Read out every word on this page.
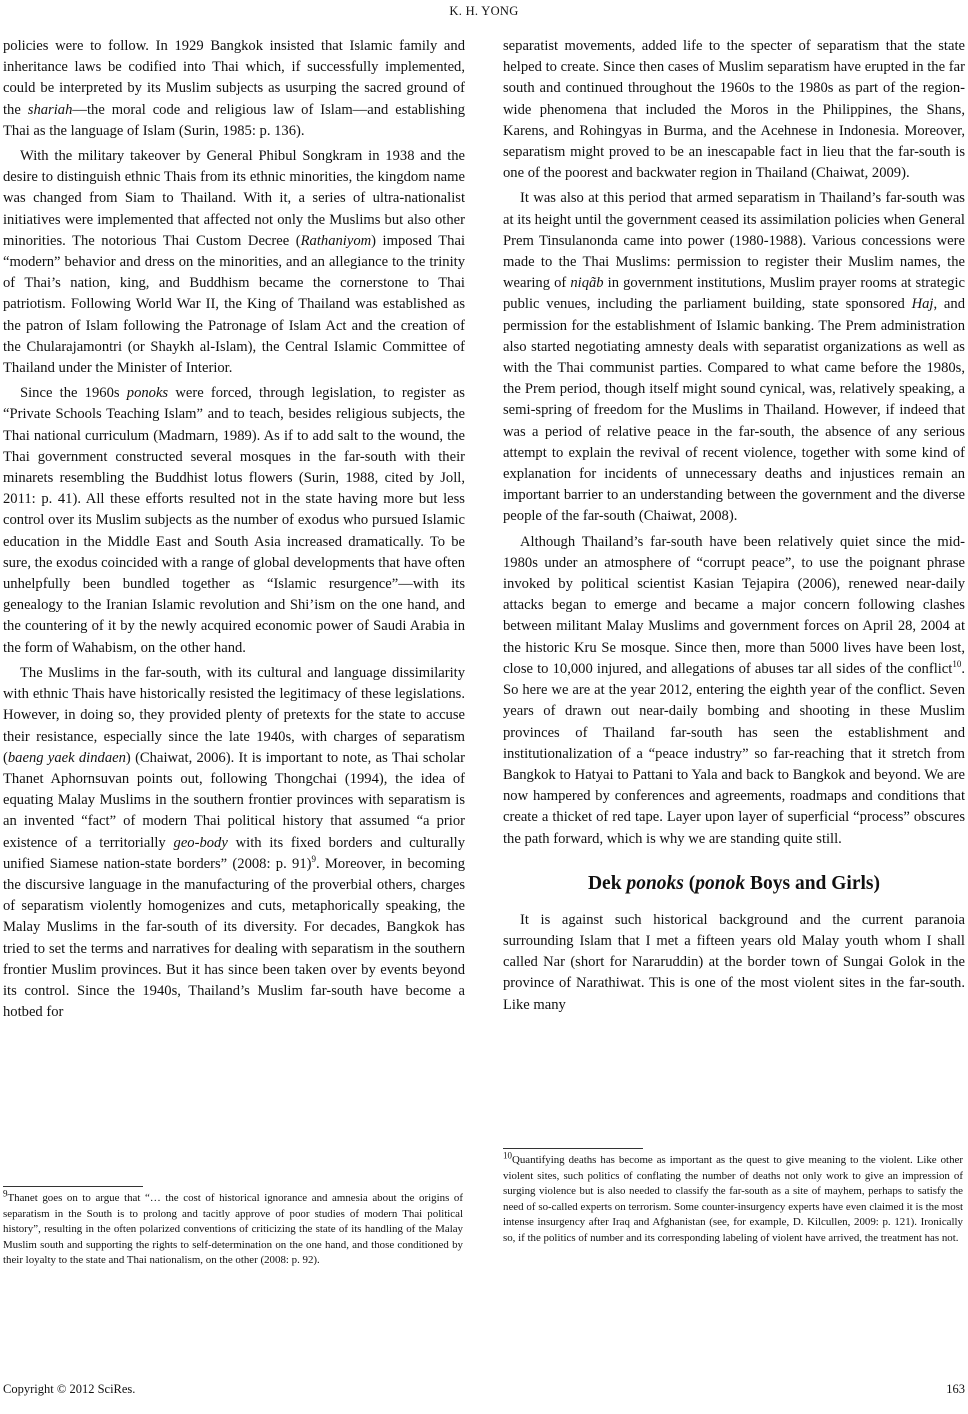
K. H. YONG

policies were to follow. In 1929 Bangkok insisted that Islamic family and inheritance laws be codified into Thai which, if successfully implemented, could be interpreted by its Muslim subjects as usurping the sacred ground of the shariah—the moral code and religious law of Islam—and establishing Thai as the language of Islam (Surin, 1985: p. 136).

With the military takeover by General Phibul Songkram in 1938 and the desire to distinguish ethnic Thais from its ethnic minorities, the kingdom name was changed from Siam to Thailand. With it, a series of ultra-nationalist initiatives were implemented that affected not only the Muslims but also other minorities. The notorious Thai Custom Decree (Rathaniyom) imposed Thai “modern” behavior and dress on the minorities, and an allegiance to the trinity of Thai’s nation, king, and Buddhism became the cornerstone to Thai patriotism. Following World War II, the King of Thailand was established as the patron of Islam following the Patronage of Islam Act and the creation of the Chularajamontri (or Shaykh al-Islam), the Central Islamic Committee of Thailand under the Minister of Interior.

Since the 1960s ponoks were forced, through legislation, to register as “Private Schools Teaching Islam” and to teach, besides religious subjects, the Thai national curriculum (Madmarn, 1989). As if to add salt to the wound, the Thai government constructed several mosques in the far-south with their minarets resembling the Buddhist lotus flowers (Surin, 1988, cited by Joll, 2011: p. 41). All these efforts resulted not in the state having more but less control over its Muslim subjects as the number of exodus who pursued Islamic education in the Middle East and South Asia increased dramatically. To be sure, the exodus coincided with a range of global developments that have often unhelpfully been bundled together as “Islamic resurgence”—with its genealogy to the Iranian Islamic revolution and Shi’ism on the one hand, and the countering of it by the newly acquired economic power of Saudi Arabia in the form of Wahabism, on the other hand.

The Muslims in the far-south, with its cultural and language dissimilarity with ethnic Thais have historically resisted the legitimacy of these legislations. However, in doing so, they provided plenty of pretexts for the state to accuse their resistance, especially since the late 1940s, with charges of separatism (baeng yaek dindaen) (Chaiwat, 2006). It is important to note, as Thai scholar Thanet Aphornsuvan points out, following Thongchai (1994), the idea of equating Malay Muslims in the southern frontier provinces with separatism is an invented “fact” of modern Thai political history that assumed “a prior existence of a territorially geo-body with its fixed borders and culturally unified Siamese nation-state borders” (2008: p. 91)$^9$. Moreover, in becoming the discursive language in the manufacturing of the proverbial others, charges of separatism violently homogenizes and cuts, metaphorically speaking, the Malay Muslims in the far-south of its diversity. For decades, Bangkok has tried to set the terms and narratives for dealing with separatism in the southern frontier Muslim provinces. But it has since been taken over by events beyond its control. Since the 1940s, Thailand’s Muslim far-south have become a hotbed for

separatist movements, added life to the specter of separatism that the state helped to create. Since then cases of Muslim separatism have erupted in the far south and continued throughout the 1960s to the 1980s as part of the region-wide phenomena that included the Moros in the Philippines, the Shans, Karens, and Rohingyas in Burma, and the Acehnese in Indonesia. Moreover, separatism might proved to be an inescapable fact in lieu that the far-south is one of the poorest and backwater region in Thailand (Chaiwat, 2009).

It was also at this period that armed separatism in Thailand’s far-south was at its height until the government ceased its assimilation policies when General Prem Tinsulanonda came into power (1980-1988). Various concessions were made to the Thai Muslims: permission to register their Muslim names, the wearing of niqãb in government institutions, Muslim prayer rooms at strategic public venues, including the parliament building, state sponsored Haj, and permission for the establishment of Islamic banking. The Prem administration also started negotiating amnesty deals with separatist organizations as well as with the Thai communist parties. Compared to what came before the 1980s, the Prem period, though itself might sound cynical, was, relatively speaking, a semi-spring of freedom for the Muslims in Thailand. However, if indeed that was a period of relative peace in the far-south, the absence of any serious attempt to explain the revival of recent violence, together with some kind of explanation for incidents of unnecessary deaths and injustices remain an important barrier to an understanding between the government and the diverse people of the far-south (Chaiwat, 2008).

Although Thailand’s far-south have been relatively quiet since the mid-1980s under an atmosphere of “corrupt peace”, to use the poignant phrase invoked by political scientist Kasian Tejapira (2006), renewed near-daily attacks began to emerge and became a major concern following clashes between militant Malay Muslims and government forces on April 28, 2004 at the historic Kru Se mosque. Since then, more than 5000 lives have been lost, close to 10,000 injured, and allegations of abuses tar all sides of the conflict$^{10}$. So here we are at the year 2012, entering the eighth year of the conflict. Seven years of drawn out near-daily bombing and shooting in these Muslim provinces of Thailand far-south has seen the establishment and institutionalization of a “peace industry” so far-reaching that it stretch from Bangkok to Hatyai to Pattani to Yala and back to Bangkok and beyond. We are now hampered by conferences and agreements, roadmaps and conditions that create a thicket of red tape. Layer upon layer of superficial “process” obscures the path forward, which is why we are standing quite still.

Dek ponoks (ponok Boys and Girls)

It is against such historical background and the current paranoia surrounding Islam that I met a fifteen years old Malay youth whom I shall called Nar (short for Nararuddin) at the border town of Sungai Golok in the province of Narathiwat. This is one of the most violent sites in the far-south. Like many

$^9$Thanet goes on to argue that “… the cost of historical ignorance and amnesia about the origins of separatism in the South is to prolong and tacitly approve of poor studies of modern Thai political history”, resulting in the often polarized conventions of criticizing the state of its handling of the Malay Muslim south and supporting the rights to self-determination on the one hand, and those conditioned by their loyalty to the state and Thai nationalism, on the other (2008: p. 92).
$^{10}$Quantifying deaths has become as important as the quest to give meaning to the violent. Like other violent sites, such politics of conflating the number of deaths not only work to give an impression of surging violence but is also needed to classify the far-south as a site of mayhem, perhaps to satisfy the need of so-called experts on terrorism. Some counter-insurgency experts have even claimed it is the most intense insurgency after Iraq and Afghanistan (see, for example, D. Kilcullen, 2009: p. 121). Ironically so, if the politics of number and its corresponding labeling of violent have arrived, the treatment has not.
Copyright © 2012 SciRes.	163
